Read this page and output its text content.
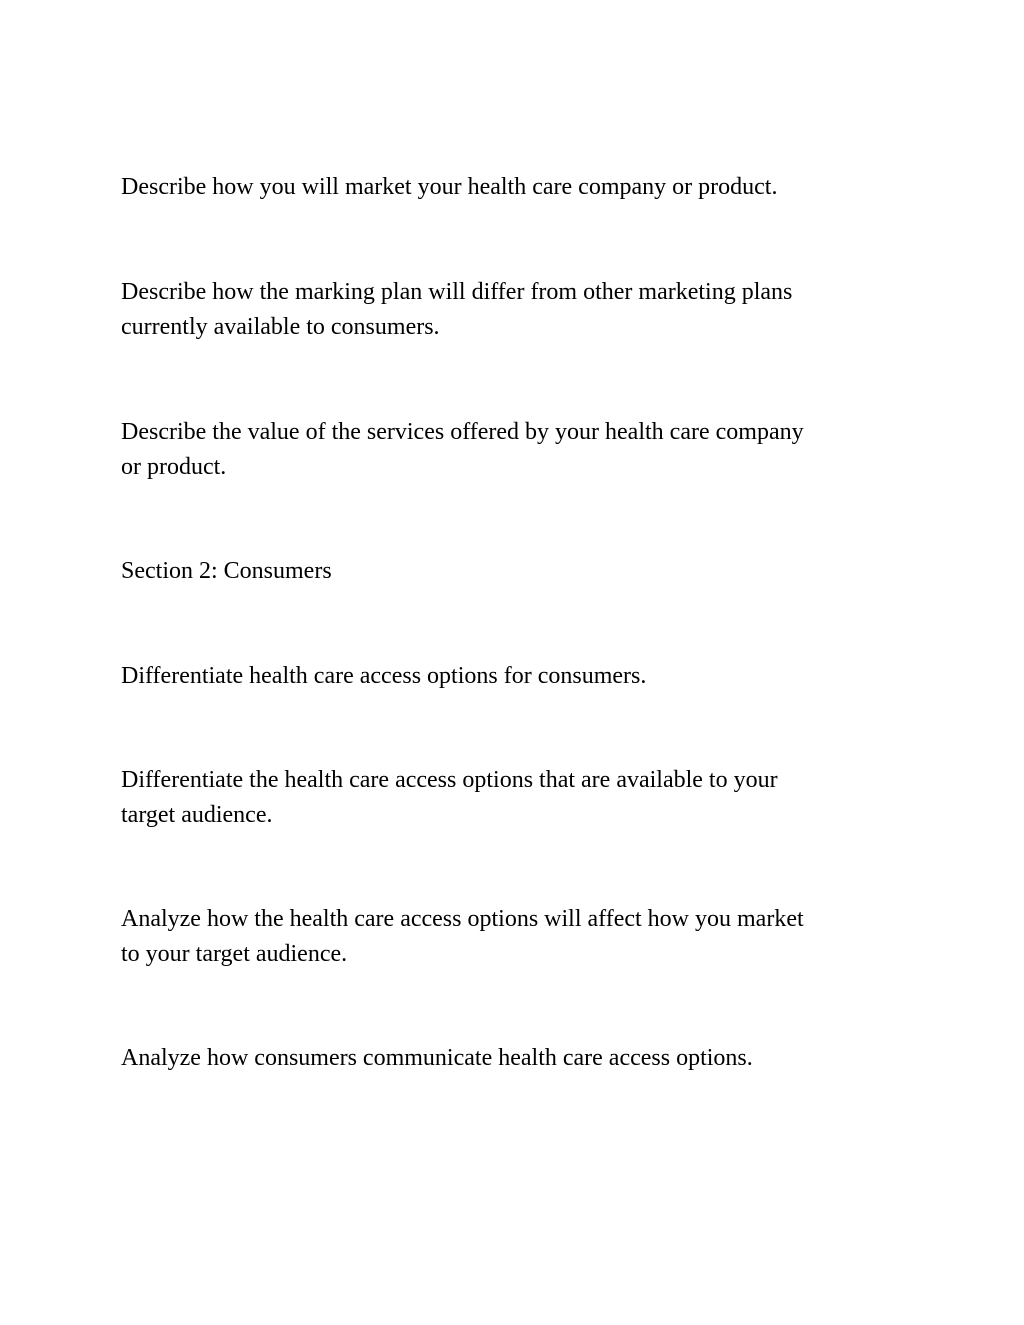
Describe how you will market your health care company or product.

Describe how the marking plan will differ from other marketing plans
currently available to consumers.

Describe the value of the services offered by your health care company
or product.

Section 2: Consumers

Differentiate health care access options for consumers.

Differentiate the health care access options that are available to your
target audience.

Analyze how the health care access options will affect how you market
to your target audience.

Analyze how consumers communicate health care access options.
